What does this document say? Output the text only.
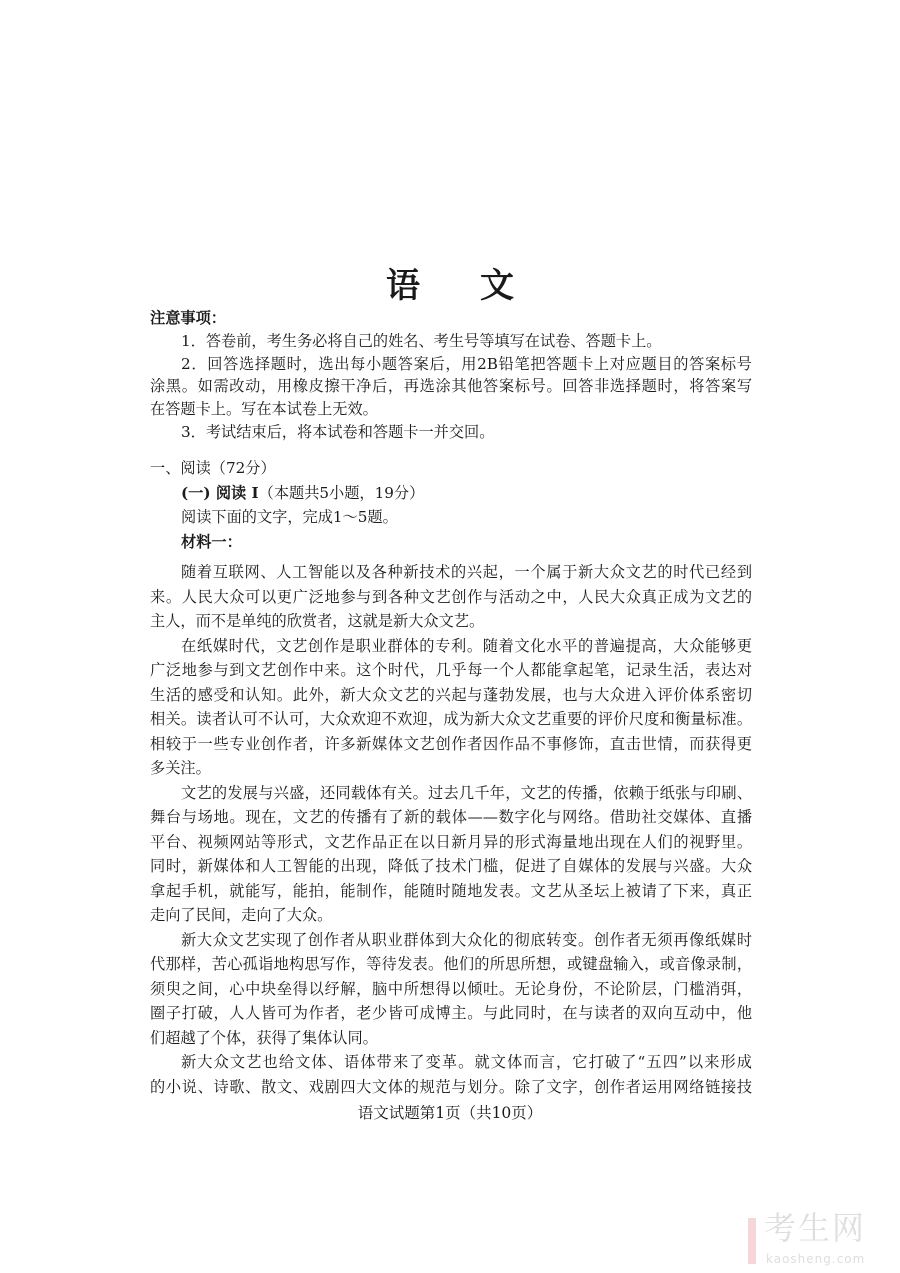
语 文
注意事项：
1．答卷前，考生务必将自己的姓名、考生号等填写在试卷、答题卡上。
2．回答选择题时，选出每小题答案后，用2B铅笔把答题卡上对应题目的答案标号
涂黑。如需改动，用橡皮擦干净后，再选涂其他答案标号。回答非选择题时，将答案写
在答题卡上。写在本试卷上无效。
3．考试结束后，将本试卷和答题卡一并交回。
一、阅读（72分）
(一) 阅读 I（本题共5小题，19分）
阅读下面的文字，完成1～5题。
材料一：
随着互联网、人工智能以及各种新技术的兴起，一个属于新大众文艺的时代已经到
来。人民大众可以更广泛地参与到各种文艺创作与活动之中，人民大众真正成为文艺的
主人，而不是单纯的欣赏者，这就是新大众文艺。
在纸媒时代，文艺创作是职业群体的专利。随着文化水平的普遍提高，大众能够更
广泛地参与到文艺创作中来。这个时代，几乎每一个人都能拿起笔，记录生活，表达对
生活的感受和认知。此外，新大众文艺的兴起与蓬勃发展，也与大众进入评价体系密切
相关。读者认可不认可，大众欢迎不欢迎，成为新大众文艺重要的评价尺度和衡量标准。
相较于一些专业创作者，许多新媒体文艺创作者因作品不事修饰，直击世情，而获得更
多关注。
文艺的发展与兴盛，还同载体有关。过去几千年，文艺的传播，依赖于纸张与印刷、
舞台与场地。现在，文艺的传播有了新的载体——数字化与网络。借助社交媒体、直播
平台、视频网站等形式，文艺作品正在以日新月异的形式海量地出现在人们的视野里。
同时，新媒体和人工智能的出现，降低了技术门槛，促进了自媒体的发展与兴盛。大众
拿起手机，就能写，能拍，能制作，能随时随地发表。文艺从圣坛上被请了下来，真正
走向了民间，走向了大众。
新大众文艺实现了创作者从职业群体到大众化的彻底转变。创作者无须再像纸媒时
代那样，苦心孤诣地构思写作，等待发表。他们的所思所想，或键盘输入，或音像录制，
须臾之间，心中块垒得以纾解，脑中所想得以倾吐。无论身份，不论阶层，门槛消弭，
圈子打破，人人皆可为作者，老少皆可成博主。与此同时，在与读者的双向互动中，他
们超越了个体，获得了集体认同。
新大众文艺也给文体、语体带来了变革。就文体而言，它打破了“五四”以来形成
的小说、诗歌、散文、戏剧四大文体的规范与划分。除了文字，创作者运用网络链接技
语文试题第1页（共10页）
考生网
kaosheng.com
